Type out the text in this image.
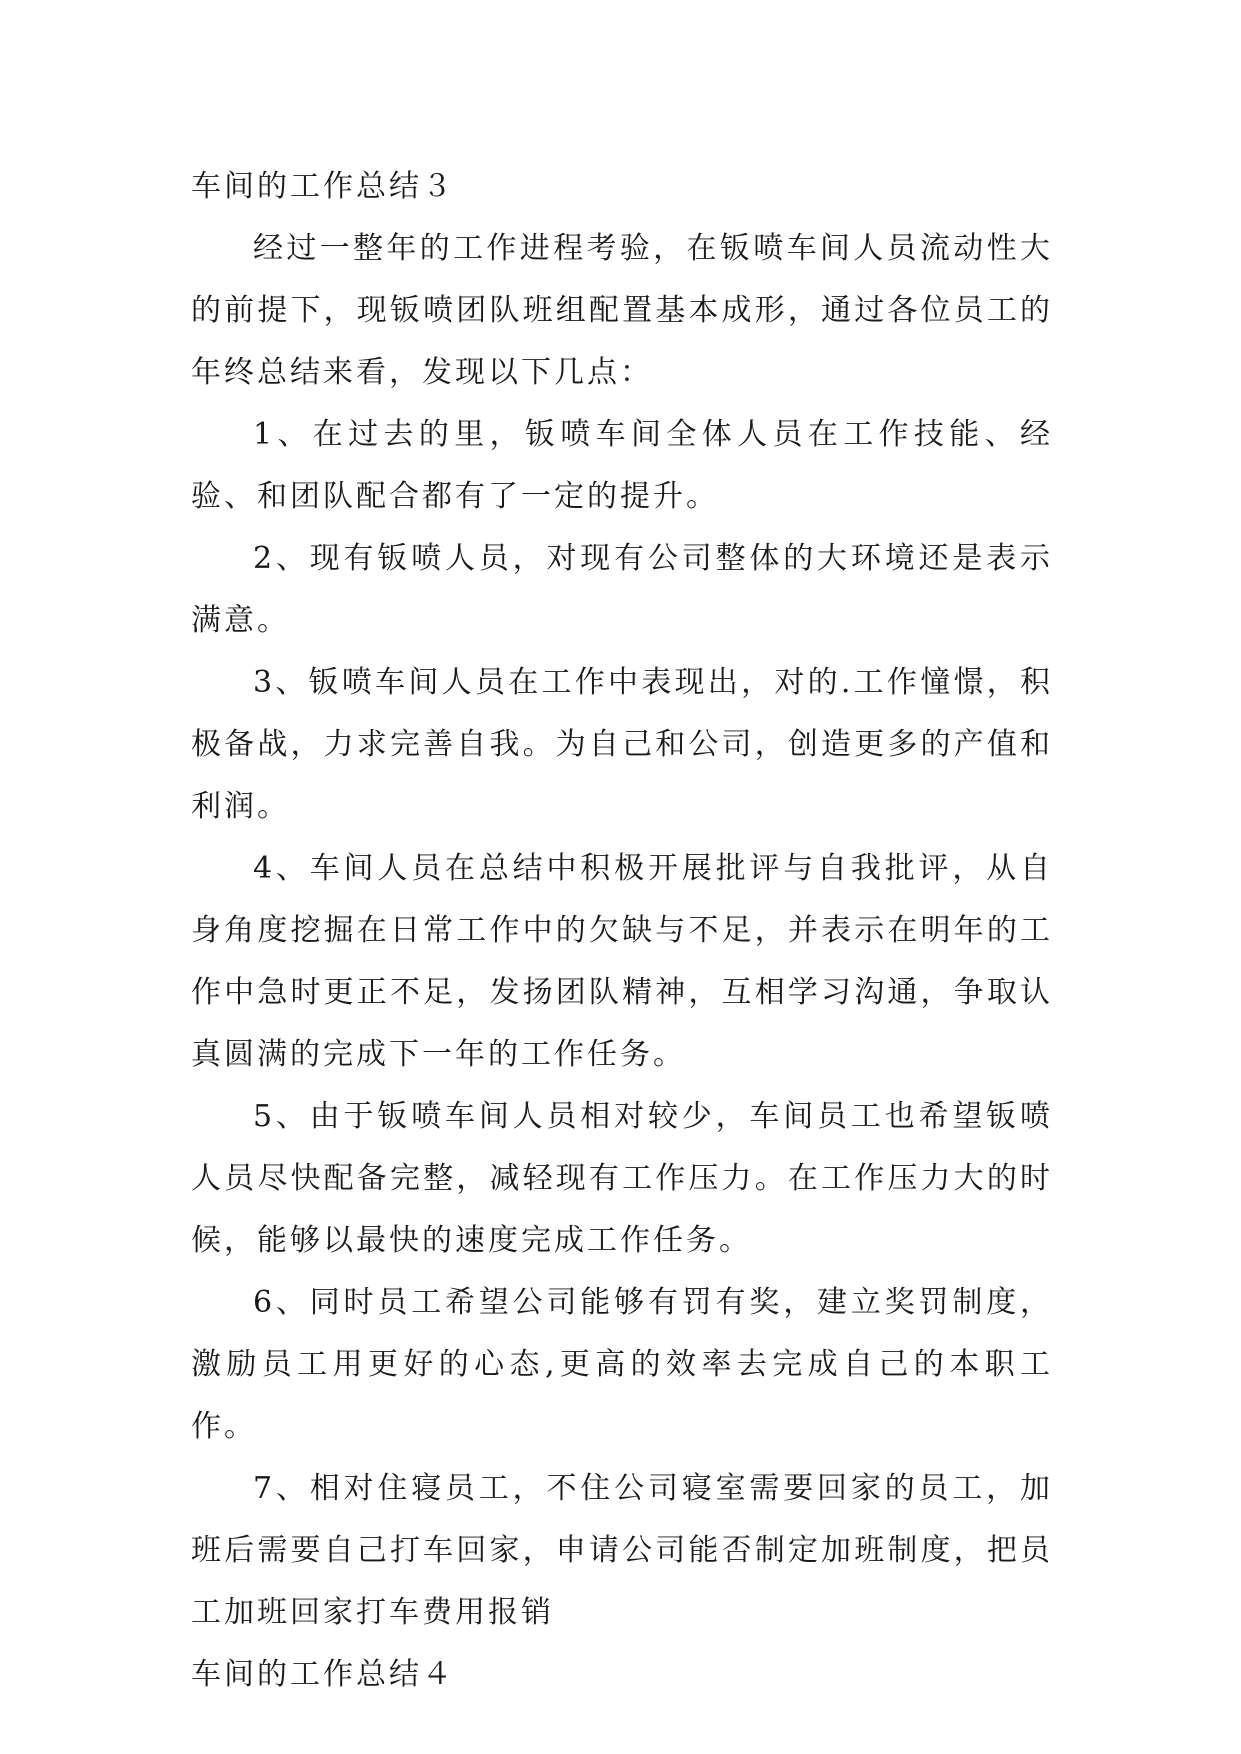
车间的工作总结３

经过一整年的工作进程考验，在钣喷车间人员流动性大的前提下，现钣喷团队班组配置基本成形，通过各位员工的年终总结来看，发现以下几点：

1、在过去的里，钣喷车间全体人员在工作技能、经验、和团队配合都有了一定的提升。

2、现有钣喷人员，对现有公司整体的大环境还是表示满意。

3、钣喷车间人员在工作中表现出，对的.工作憧憬，积极备战，力求完善自我。为自己和公司，创造更多的产值和利润。

4、车间人员在总结中积极开展批评与自我批评，从自身角度挖掘在日常工作中的欠缺与不足，并表示在明年的工作中急时更正不足，发扬团队精神，互相学习沟通，争取认真圆满的完成下一年的工作任务。

5、由于钣喷车间人员相对较少，车间员工也希望钣喷人员尽快配备完整，减轻现有工作压力。在工作压力大的时候，能够以最快的速度完成工作任务。

6、同时员工希望公司能够有罚有奖，建立奖罚制度，激励员工用更好的心态,更高的效率去完成自己的本职工作。

7、相对住寝员工，不住公司寝室需要回家的员工，加班后需要自己打车回家，申请公司能否制定加班制度，把员工加班回家打车费用报销

车间的工作总结４
